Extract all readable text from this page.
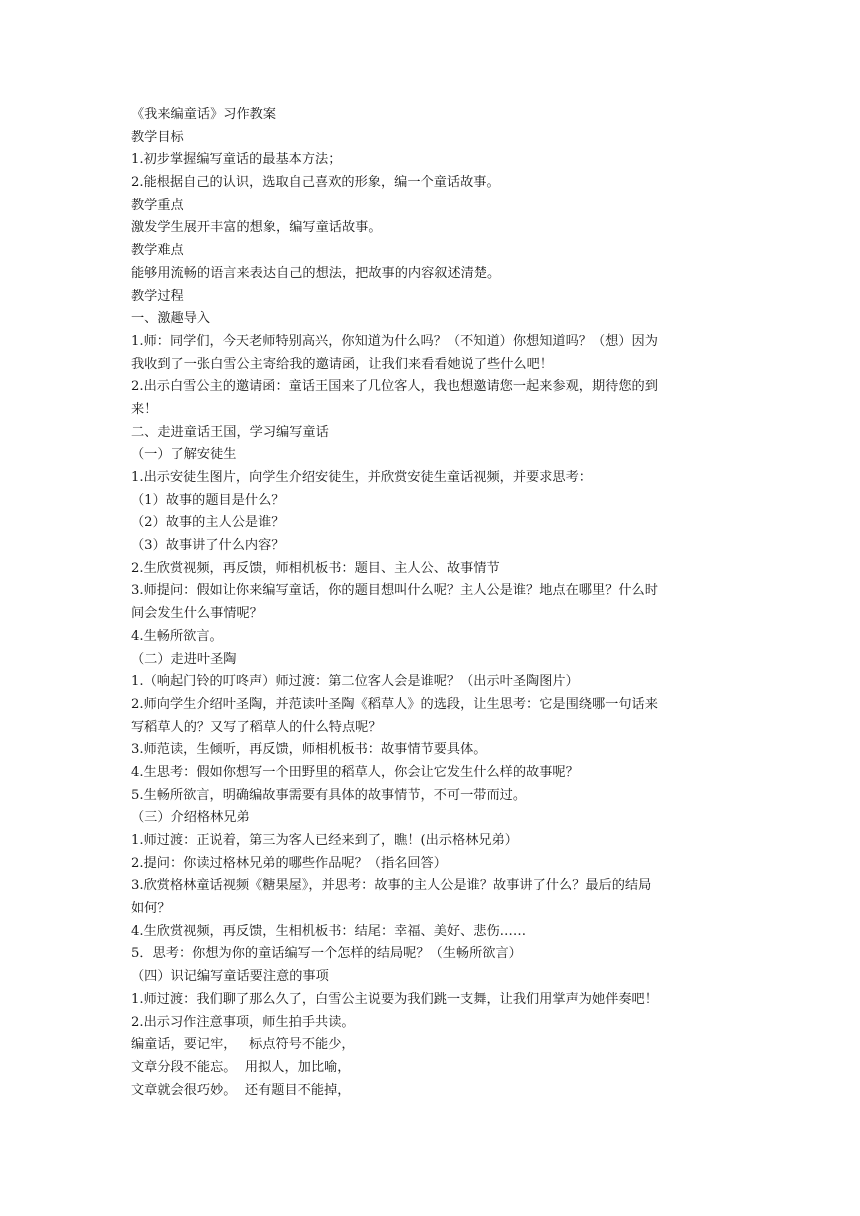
《我来编童话》习作教案
教学目标
1.初步掌握编写童话的最基本方法；
2.能根据自己的认识，选取自己喜欢的形象，编一个童话故事。
教学重点
激发学生展开丰富的想象，编写童话故事。
教学难点
能够用流畅的语言来表达自己的想法，把故事的内容叙述清楚。
教学过程
一、激趣导入
1.师：同学们，今天老师特别高兴，你知道为什么吗？（不知道）你想知道吗？（想）因为
我收到了一张白雪公主寄给我的邀请函，让我们来看看她说了些什么吧！
2.出示白雪公主的邀请函：童话王国来了几位客人，我也想邀请您一起来参观，期待您的到
来！
二、走进童话王国，学习编写童话
（一）了解安徒生
1.出示安徒生图片，向学生介绍安徒生，并欣赏安徒生童话视频，并要求思考：
（1）故事的题目是什么？
（2）故事的主人公是谁？
（3）故事讲了什么内容？
2.生欣赏视频，再反馈，师相机板书：题目、主人公、故事情节
3.师提问：假如让你来编写童话，你的题目想叫什么呢？主人公是谁？地点在哪里？什么时
间会发生什么事情呢？
4.生畅所欲言。
（二）走进叶圣陶
1.（响起门铃的叮咚声）师过渡：第二位客人会是谁呢？（出示叶圣陶图片）
2.师向学生介绍叶圣陶，并范读叶圣陶《稻草人》的选段，让生思考：它是围绕哪一句话来
写稻草人的？又写了稻草人的什么特点呢？
3.师范读，生倾听，再反馈，师相机板书：故事情节要具体。
4.生思考：假如你想写一个田野里的稻草人，你会让它发生什么样的故事呢？
5.生畅所欲言，明确编故事需要有具体的故事情节，不可一带而过。
（三）介绍格林兄弟
1.师过渡：正说着，第三为客人已经来到了，瞧！(出示格林兄弟）
2.提问：你读过格林兄弟的哪些作品呢？（指名回答）
3.欣赏格林童话视频《糖果屋》，并思考：故事的主人公是谁？故事讲了什么？最后的结局
如何？
4.生欣赏视频，再反馈，生相机板书：结尾：幸福、美好、悲伤……
5．思考：你想为你的童话编写一个怎样的结局呢？（生畅所欲言）
（四）识记编写童话要注意的事项
1.师过渡：我们聊了那么久了，白雪公主说要为我们跳一支舞，让我们用掌声为她伴奏吧！
2.出示习作注意事项，师生拍手共读。
编童话，要记牢，   标点符号不能少，
文章分段不能忘。  用拟人，加比喻，
文章就会很巧妙。  还有题目不能掉，
